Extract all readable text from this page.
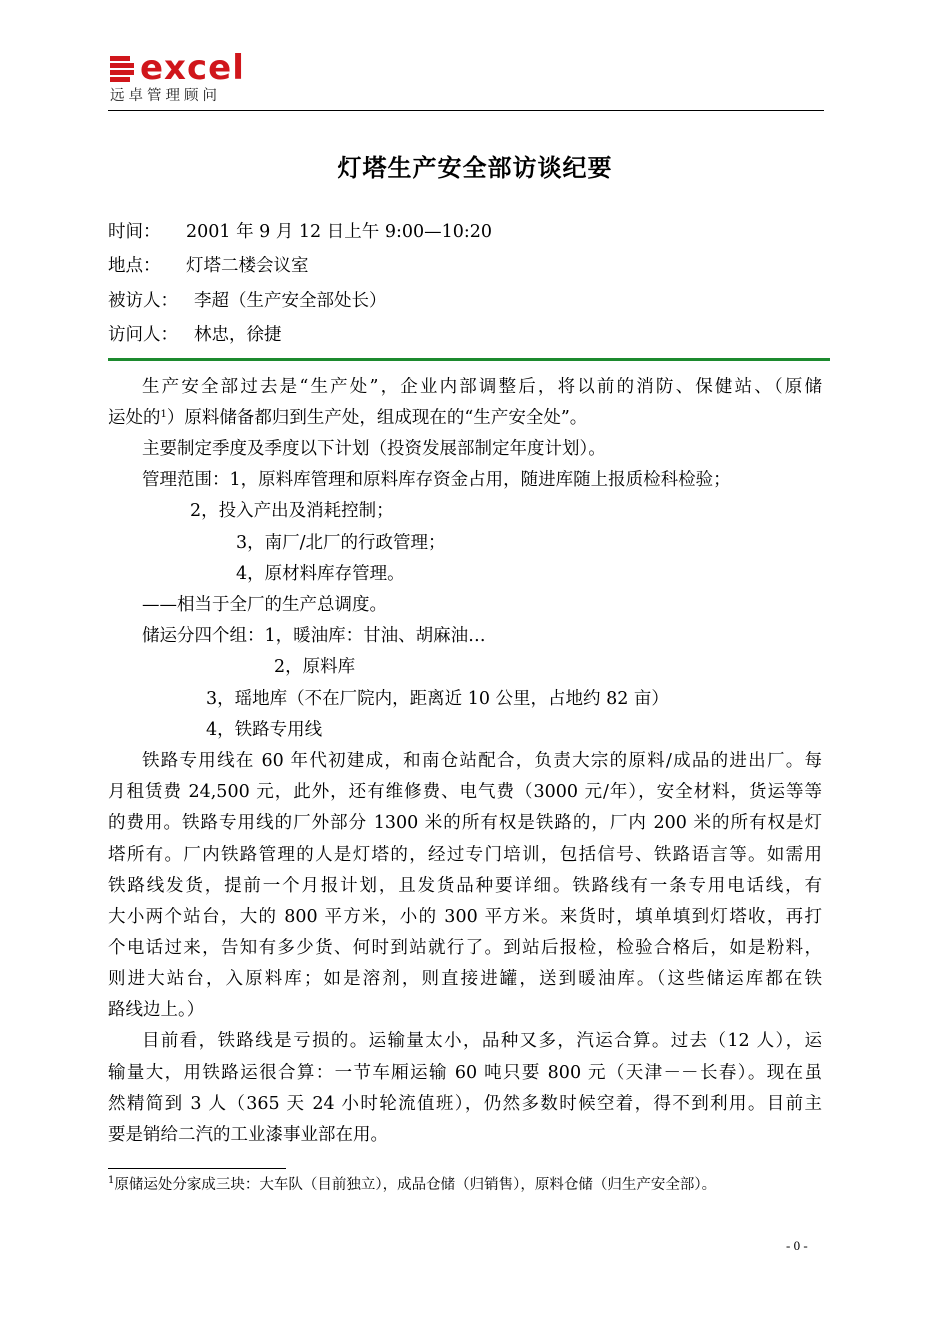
excel
远卓管理顾问
灯塔生产安全部访谈纪要
时间： 2001 年 9 月 12 日上午 9:00—10:20
地点： 灯塔二楼会议室
被访人： 李超（生产安全部处长）
访问人： 林忠，徐捷
生产安全部过去是“生产处”，企业内部调整后，将以前的消防、保健站、（原储
运处的$^1$）原料储备都归到生产处，组成现在的“生产安全处”。
主要制定季度及季度以下计划（投资发展部制定年度计划）。
管理范围：1，原料库管理和原料库存资金占用，随进库随上报质检科检验；
2，投入产出及消耗控制；
3，南厂/北厂的行政管理；
4，原材料库存管理。
——相当于全厂的生产总调度。
储运分四个组：1，暖油库：甘油、胡麻油…
2，原料库
3，瑶地库（不在厂院内，距离近 10 公里，占地约 82 亩）
4，铁路专用线
铁路专用线在 60 年代初建成，和南仓站配合，负责大宗的原料/成品的进出厂。每
月租赁费 24,500 元，此外，还有维修费、电气费（3000 元/年），安全材料，货运等等
的费用。铁路专用线的厂外部分 1300 米的所有权是铁路的，厂内 200 米的所有权是灯
塔所有。厂内铁路管理的人是灯塔的，经过专门培训，包括信号、铁路语言等。如需用
铁路线发货，提前一个月报计划，且发货品种要详细。铁路线有一条专用电话线，有
大小两个站台，大的 800 平方米，小的 300 平方米。来货时，填单填到灯塔收，再打
个电话过来，告知有多少货、何时到站就行了。到站后报检，检验合格后，如是粉料，
则进大站台，入原料库；如是溶剂，则直接进罐，送到暖油库。（这些储运库都在铁
路线边上。）
目前看，铁路线是亏损的。运输量太小，品种又多，汽运合算。过去（12 人），运
输量大，用铁路运很合算：一节车厢运输 60 吨只要 800 元（天津－－长春）。现在虽
然精简到 3 人（365 天 24 小时轮流值班），仍然多数时候空着，得不到利用。目前主
要是销给二汽的工业漆事业部在用。
$^1$原储运处分家成三块：大车队（目前独立），成品仓储（归销售），原料仓储（归生产安全部）。
- 0 -
